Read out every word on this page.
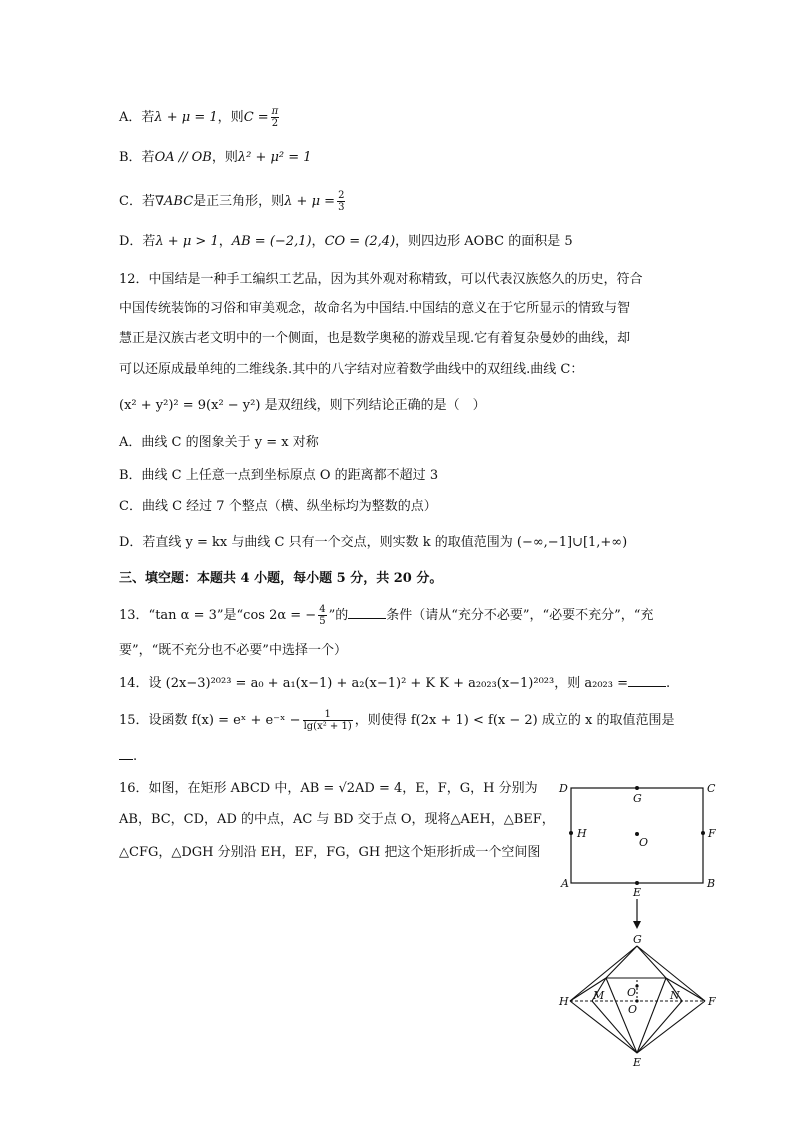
A．若λ + μ = 1，则$C = \frac{\pi}{2}$
B．若OA // OB，则λ² + μ² = 1
C．若∇ABC是正三角形，则$\lambda + \mu = \frac{2}{3}$
D．若λ + μ > 1，AB = (−2,1)，CO = (2,4)，则四边形 AOBC 的面积是 5
12．中国结是一种手工编织工艺品，因为其外观对称精致，可以代表汉族悠久的历史，符合
中国传统装饰的习俗和审美观念，故命名为中国结.中国结的意义在于它所显示的情致与智
慧正是汉族古老文明中的一个侧面，也是数学奥秘的游戏呈现.它有着复杂曼妙的曲线，却
可以还原成最单纯的二维线条.其中的八字结对应着数学曲线中的双纽线.曲线 C：
(x² + y²)² = 9(x² − y²) 是双纽线，则下列结论正确的是（　）
A．曲线 C 的图象关于 y = x 对称
B．曲线 C 上任意一点到坐标原点 O 的距离都不超过 3
C．曲线 C 经过 7 个整点（横、纵坐标均为整数的点）
D．若直线 y = kx 与曲线 C 只有一个交点，则实数 k 的取值范围为 (−∞,−1]∪[1,+∞)
三、填空题：本题共 4 小题，每小题 5 分，共 20 分。
13．“tan α = 3”是“cos 2α = − $\frac{4}{5}$ ”的	条件（请从“充分不必要”，“必要不充分”，“充
要”，“既不充分也不必要”中选择一个）
14．设 (2x−3)²⁰²³ = a₀ + a₁(x−1) + a₂(x−1)² + K K + a₂₀₂₃(x−1)²⁰²³，则 a₂₀₂₃ =	.
15．设函数 f(x) = eˣ + e⁻ˣ − $\frac{1}{\text{lg(x² + 1)}}$ ，则使得 f(2x + 1) < f(x − 2) 成立的 x 的取值范围是
.
16．如图，在矩形 ABCD 中，AB = √2AD = 4，E，F，G，H 分别为
AB，BC，CD，AD 的中点，AC 与 BD 交于点 O，现将△AEH，△BEF，
△CFG，△DGH 分别沿 EH，EF，FG，GH 把这个矩形折成一个空间图
D	C
A	B
G
H	F
E
O
G
H	F
E
M	N
O
O
